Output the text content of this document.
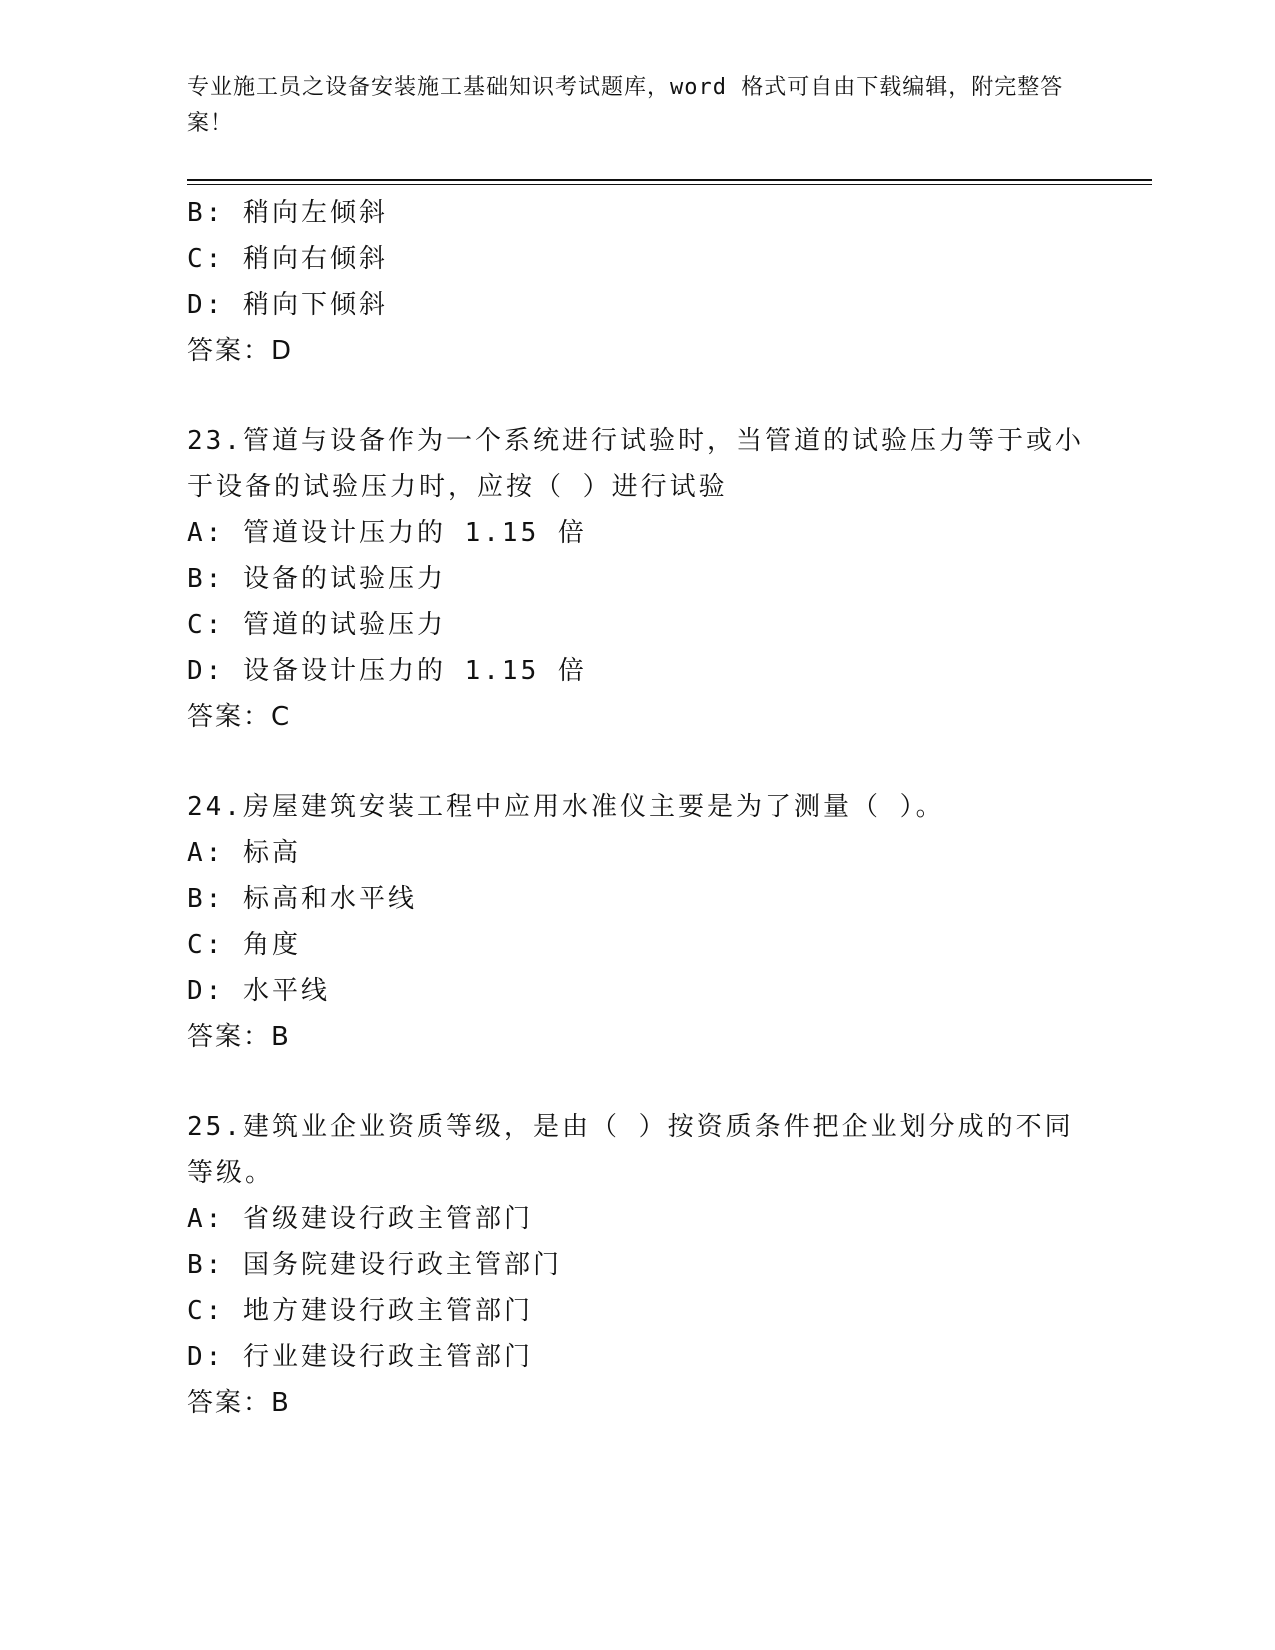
专业施工员之设备安装施工基础知识考试题库，word 格式可自由下载编辑，附完整答案！
B: 稍向左倾斜
C: 稍向右倾斜
D: 稍向下倾斜
答案：D
23.管道与设备作为一个系统进行试验时，当管道的试验压力等于或小
于设备的试验压力时，应按（ ）进行试验
A: 管道设计压力的 1.15 倍
B: 设备的试验压力
C: 管道的试验压力
D: 设备设计压力的 1.15 倍
答案：C
24.房屋建筑安装工程中应用水准仪主要是为了测量（ ）。
A: 标高
B: 标高和水平线
C: 角度
D: 水平线
答案：B
25.建筑业企业资质等级，是由（ ）按资质条件把企业划分成的不同
等级。
A: 省级建设行政主管部门
B: 国务院建设行政主管部门
C: 地方建设行政主管部门
D: 行业建设行政主管部门
答案：B
